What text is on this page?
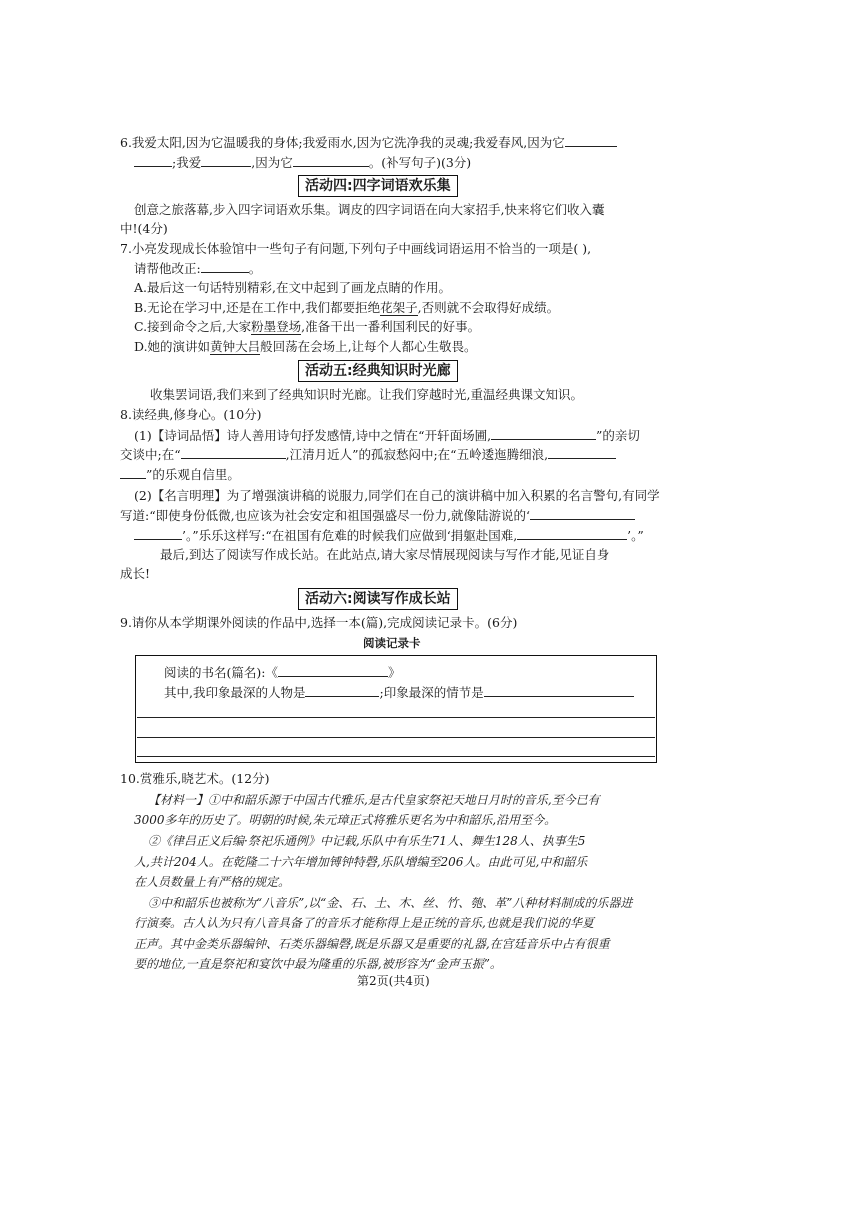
6.我爱太阳,因为它温暖我的身体;我爱雨水,因为它洗净我的灵魂;我爱春风,因为它
;我爱	,因为它	。(补写句子)(3分)
活动四:四字词语欢乐集
创意之旅落幕,步入四字词语欢乐集。调皮的四字词语在向大家招手,快来将它们收入囊
中!(4分)
7.小亮发现成长体验馆中一些句子有问题,下列句子中画线词语运用不恰当的一项是( ),
请帮他改正:	。
A.最后这一句话特别精彩,在文中起到了画龙点睛的作用。
B.无论在学习中,还是在工作中,我们都要拒绝花架子,否则就不会取得好成绩。
C.接到命令之后,大家粉墨登场,准备干出一番利国利民的好事。
D.她的演讲如黄钟大吕般回荡在会场上,让每个人都心生敬畏。
活动五:经典知识时光廊
收集罢词语,我们来到了经典知识时光廊。让我们穿越时光,重温经典课文知识。
8.读经典,修身心。(10分)
(1)【诗词品悟】诗人善用诗句抒发感情,诗中之情在“开轩面场圃,	”的亲切
交谈中;在“	,江清月近人”的孤寂愁闷中;在“五岭逶迤腾细浪,
”的乐观自信里。
(2)【名言明理】为了增强演讲稿的说服力,同学们在自己的演讲稿中加入积累的名言警句,有同学
写道:“即使身份低微,也应该为社会安定和祖国强盛尽一份力,就像陆游说的‘
’。”乐乐这样写:“在祖国有危难的时候我们应做到‘捐躯赴国难,	’。”
最后,到达了阅读写作成长站。在此站点,请大家尽情展现阅读与写作才能,见证自身
成长!
活动六:阅读写作成长站
9.请你从本学期课外阅读的作品中,选择一本(篇),完成阅读记录卡。(6分)
阅读记录卡
阅读的书名(篇名):《	》
其中,我印象最深的人物是	;印象最深的情节是
10.赏雅乐,晓艺术。(12分)
【材料一】①中和韶乐源于中国古代雅乐,是古代皇家祭祀天地日月时的音乐,至今已有
3000多年的历史了。明朝的时候,朱元璋正式将雅乐更名为中和韶乐,沿用至今。
②《律吕正义后编·祭祀乐通例》中记载,乐队中有乐生71人、舞生128人、执事生5
人,共计204人。在乾隆二十六年增加镈钟特磬,乐队增编至206人。由此可见,中和韶乐
在人员数量上有严格的规定。
③中和韶乐也被称为“八音乐”,以“金、石、土、木、丝、竹、匏、革”八种材料制成的乐器进
行演奏。古人认为只有八音具备了的音乐才能称得上是正统的音乐,也就是我们说的华夏
正声。其中金类乐器编钟、石类乐器编磬,既是乐器又是重要的礼器,在宫廷音乐中占有很重
要的地位,一直是祭祀和宴饮中最为隆重的乐器,被形容为“金声玉振”。
第2页(共4页)
